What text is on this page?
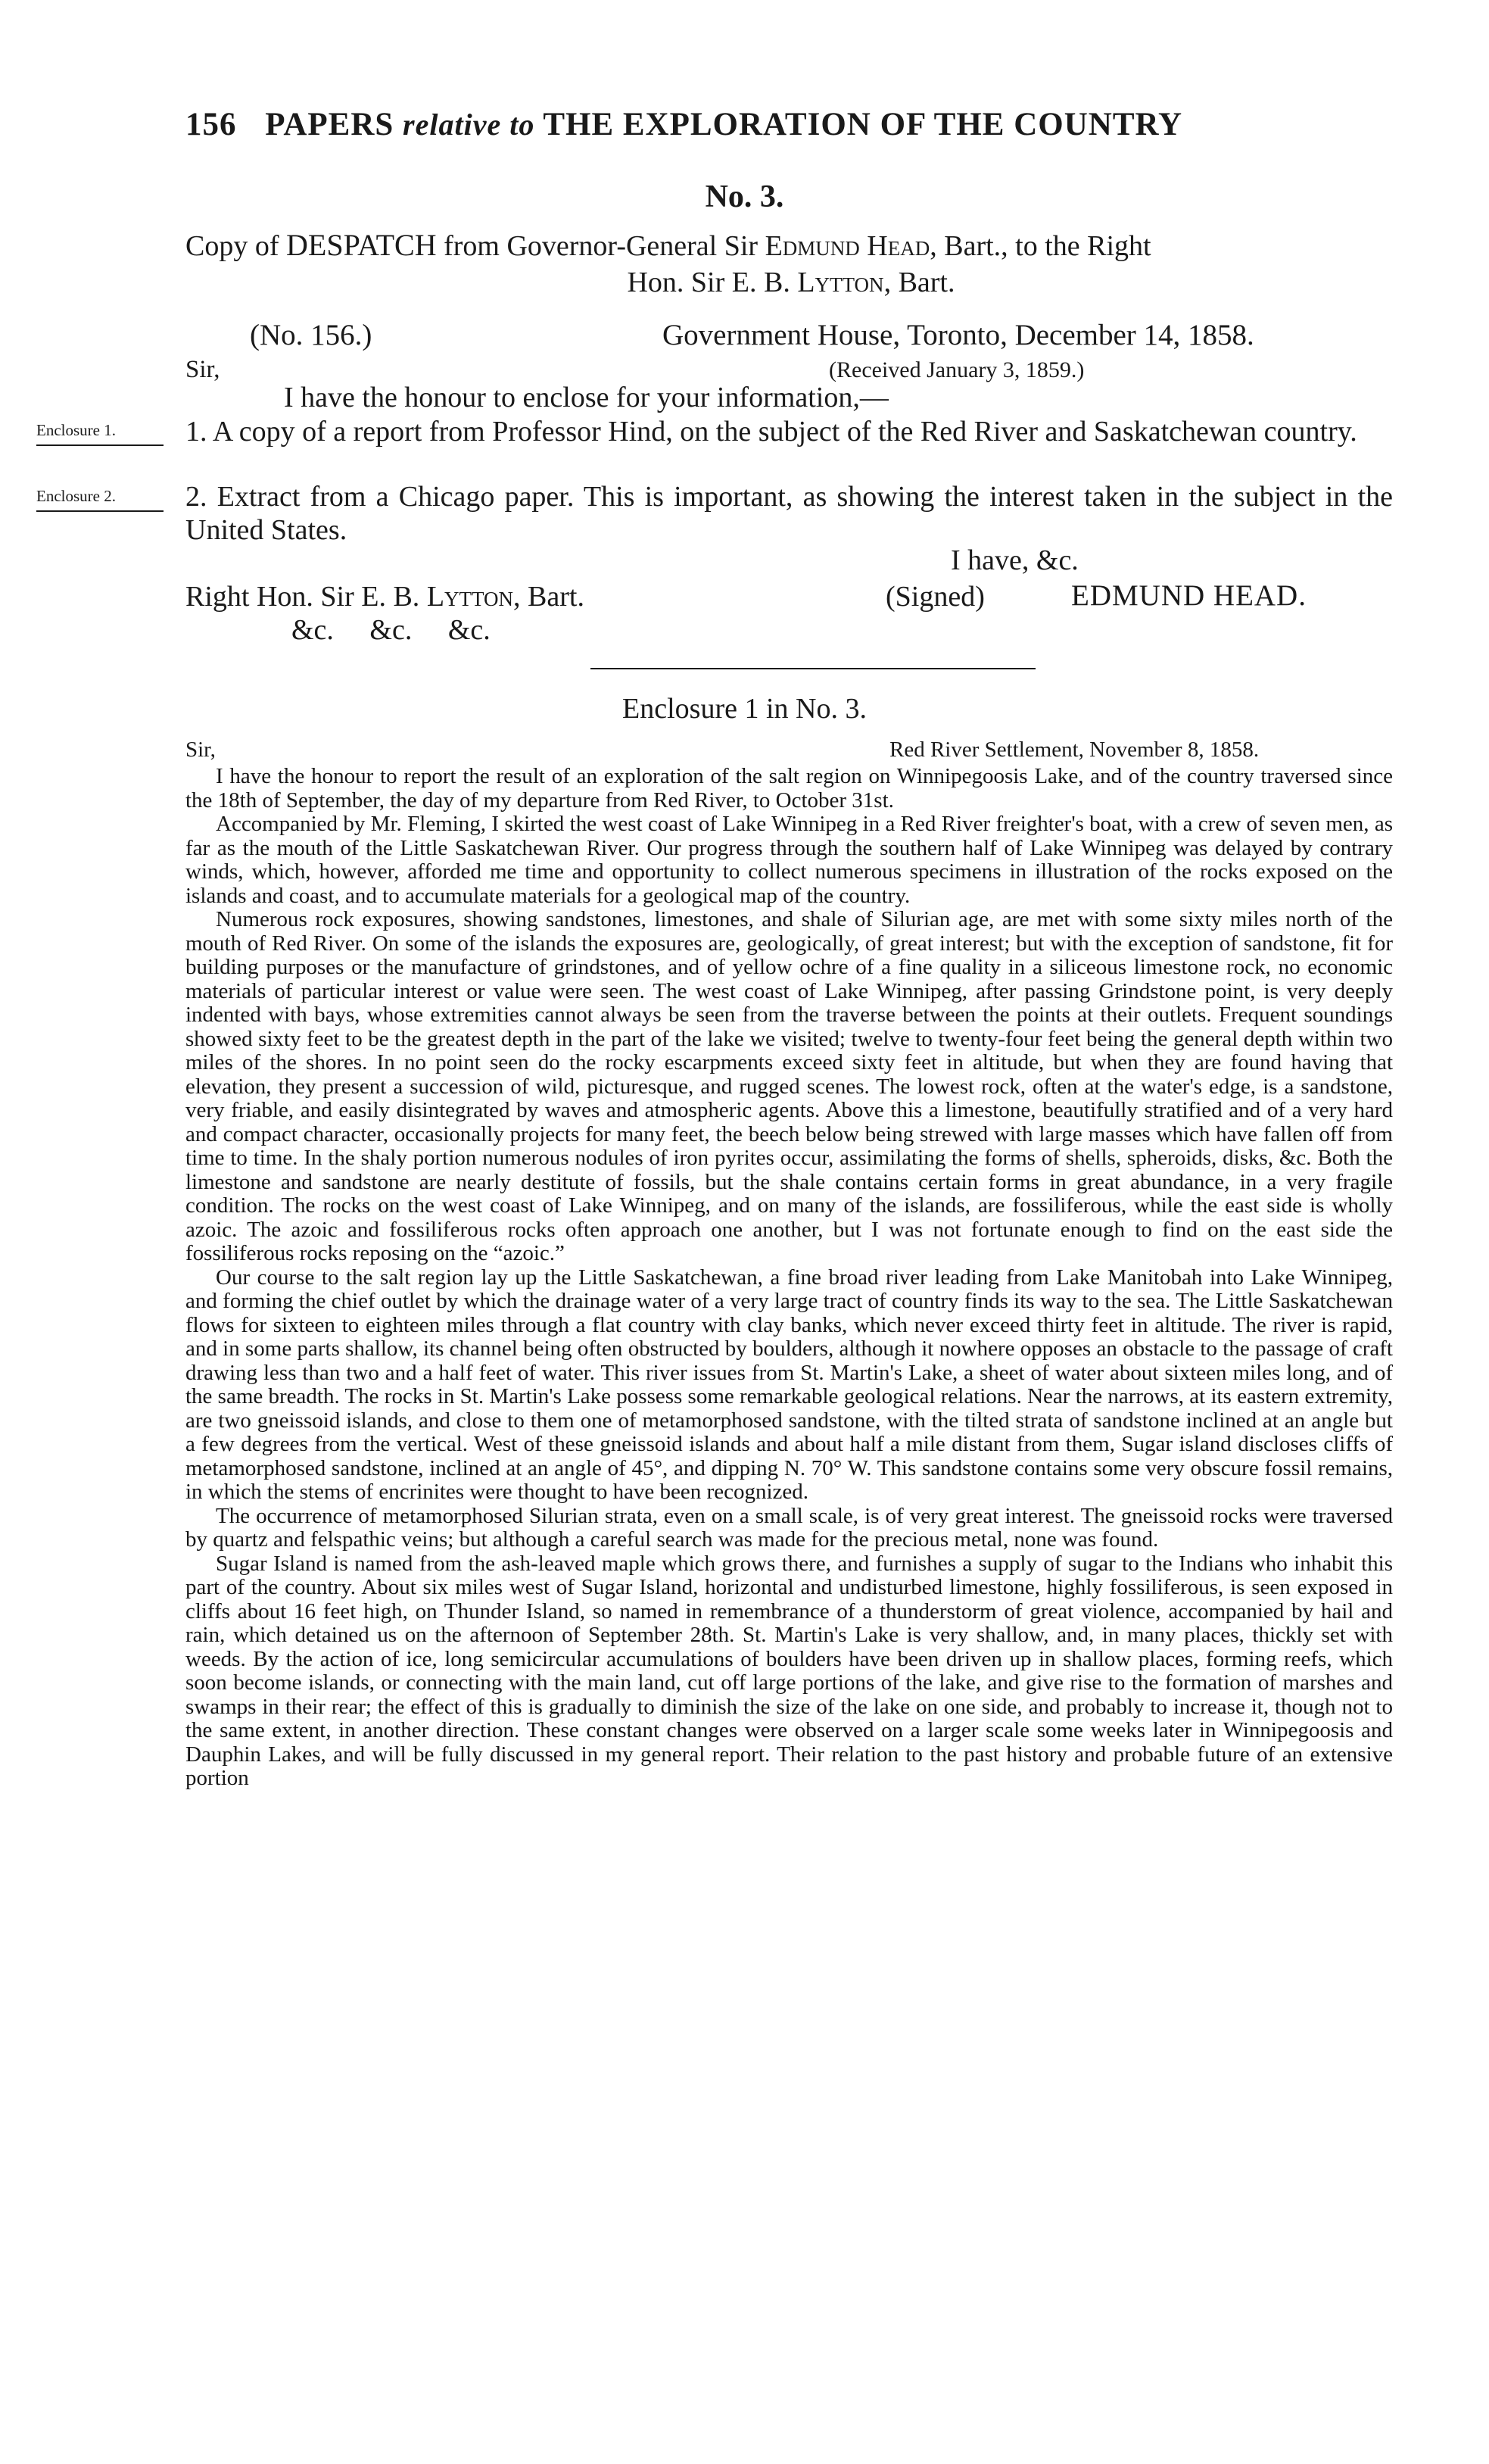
156 PAPERS relative to THE EXPLORATION OF THE COUNTRY
No. 3.
Copy of DESPATCH from Governor-General Sir Edmund Head, Bart., to the Right
Hon. Sir E. B. Lytton, Bart.
(No. 156.)	Government House, Toronto, December 14, 1858.
Sir,	(Received January 3, 1859.)
I have the honour to enclose for your information,—
Enclosure 1.	1. A copy of a report from Professor Hind, on the subject of the Red River and Saskatchewan country.

Enclosure 2.	2. Extract from a Chicago paper. This is important, as showing the interest taken in the subject in the United States.

I have, &c.
Right Hon. Sir E. B. Lytton, Bart.	(Signed)	EDMUND HEAD.
&c.     &c.     &c.
Enclosure 1 in No. 3.
Sir,	Red River Settlement, November 8, 1858.

I have the honour to report the result of an exploration of the salt region on Winnipegoosis Lake, and of the country traversed since the 18th of September, the day of my departure from Red River, to October 31st.

Accompanied by Mr. Fleming, I skirted the west coast of Lake Winnipeg in a Red River freighter's boat, with a crew of seven men, as far as the mouth of the Little Saskatchewan River. Our progress through the southern half of Lake Winnipeg was delayed by contrary winds, which, however, afforded me time and opportunity to collect numerous specimens in illustration of the rocks exposed on the islands and coast, and to accumulate materials for a geological map of the country.

Numerous rock exposures, showing sandstones, limestones, and shale of Silurian age, are met with some sixty miles north of the mouth of Red River. On some of the islands the exposures are, geologically, of great interest; but with the exception of sandstone, fit for building purposes or the manufacture of grindstones, and of yellow ochre of a fine quality in a siliceous limestone rock, no economic materials of particular interest or value were seen. The west coast of Lake Winnipeg, after passing Grindstone point, is very deeply indented with bays, whose extremities cannot always be seen from the traverse between the points at their outlets. Frequent soundings showed sixty feet to be the greatest depth in the part of the lake we visited; twelve to twenty-four feet being the general depth within two miles of the shores. In no point seen do the rocky escarpments exceed sixty feet in altitude, but when they are found having that elevation, they present a succession of wild, picturesque, and rugged scenes. The lowest rock, often at the water's edge, is a sandstone, very friable, and easily disintegrated by waves and atmospheric agents. Above this a limestone, beautifully stratified and of a very hard and compact character, occasionally projects for many feet, the beech below being strewed with large masses which have fallen off from time to time. In the shaly portion numerous nodules of iron pyrites occur, assimilating the forms of shells, spheroids, disks, &c. Both the limestone and sandstone are nearly destitute of fossils, but the shale contains certain forms in great abundance, in a very fragile condition. The rocks on the west coast of Lake Winnipeg, and on many of the islands, are fossiliferous, while the east side is wholly azoic. The azoic and fossiliferous rocks often approach one another, but I was not fortunate enough to find on the east side the fossiliferous rocks reposing on the “azoic.”

Our course to the salt region lay up the Little Saskatchewan, a fine broad river leading from Lake Manitobah into Lake Winnipeg, and forming the chief outlet by which the drainage water of a very large tract of country finds its way to the sea. The Little Saskatchewan flows for sixteen to eighteen miles through a flat country with clay banks, which never exceed thirty feet in altitude. The river is rapid, and in some parts shallow, its channel being often obstructed by boulders, although it nowhere opposes an obstacle to the passage of craft drawing less than two and a half feet of water. This river issues from St. Martin's Lake, a sheet of water about sixteen miles long, and of the same breadth. The rocks in St. Martin's Lake possess some remarkable geological relations. Near the narrows, at its eastern extremity, are two gneissoid islands, and close to them one of metamorphosed sandstone, with the tilted strata of sandstone inclined at an angle but a few degrees from the vertical. West of these gneissoid islands and about half a mile distant from them, Sugar island discloses cliffs of metamorphosed sandstone, inclined at an angle of 45°, and dipping N. 70° W. This sandstone contains some very obscure fossil remains, in which the stems of encrinites were thought to have been recognized.

The occurrence of metamorphosed Silurian strata, even on a small scale, is of very great interest. The gneissoid rocks were traversed by quartz and felspathic veins; but although a careful search was made for the precious metal, none was found.

Sugar Island is named from the ash-leaved maple which grows there, and furnishes a supply of sugar to the Indians who inhabit this part of the country. About six miles west of Sugar Island, horizontal and undisturbed limestone, highly fossiliferous, is seen exposed in cliffs about 16 feet high, on Thunder Island, so named in remembrance of a thunderstorm of great violence, accompanied by hail and rain, which detained us on the afternoon of September 28th. St. Martin's Lake is very shallow, and, in many places, thickly set with weeds. By the action of ice, long semicircular accumulations of boulders have been driven up in shallow places, forming reefs, which soon become islands, or connecting with the main land, cut off large portions of the lake, and give rise to the formation of marshes and swamps in their rear; the effect of this is gradually to diminish the size of the lake on one side, and probably to increase it, though not to the same extent, in another direction. These constant changes were observed on a larger scale some weeks later in Winnipegoosis and Dauphin Lakes, and will be fully discussed in my general report. Their relation to the past history and probable future of an extensive portion
